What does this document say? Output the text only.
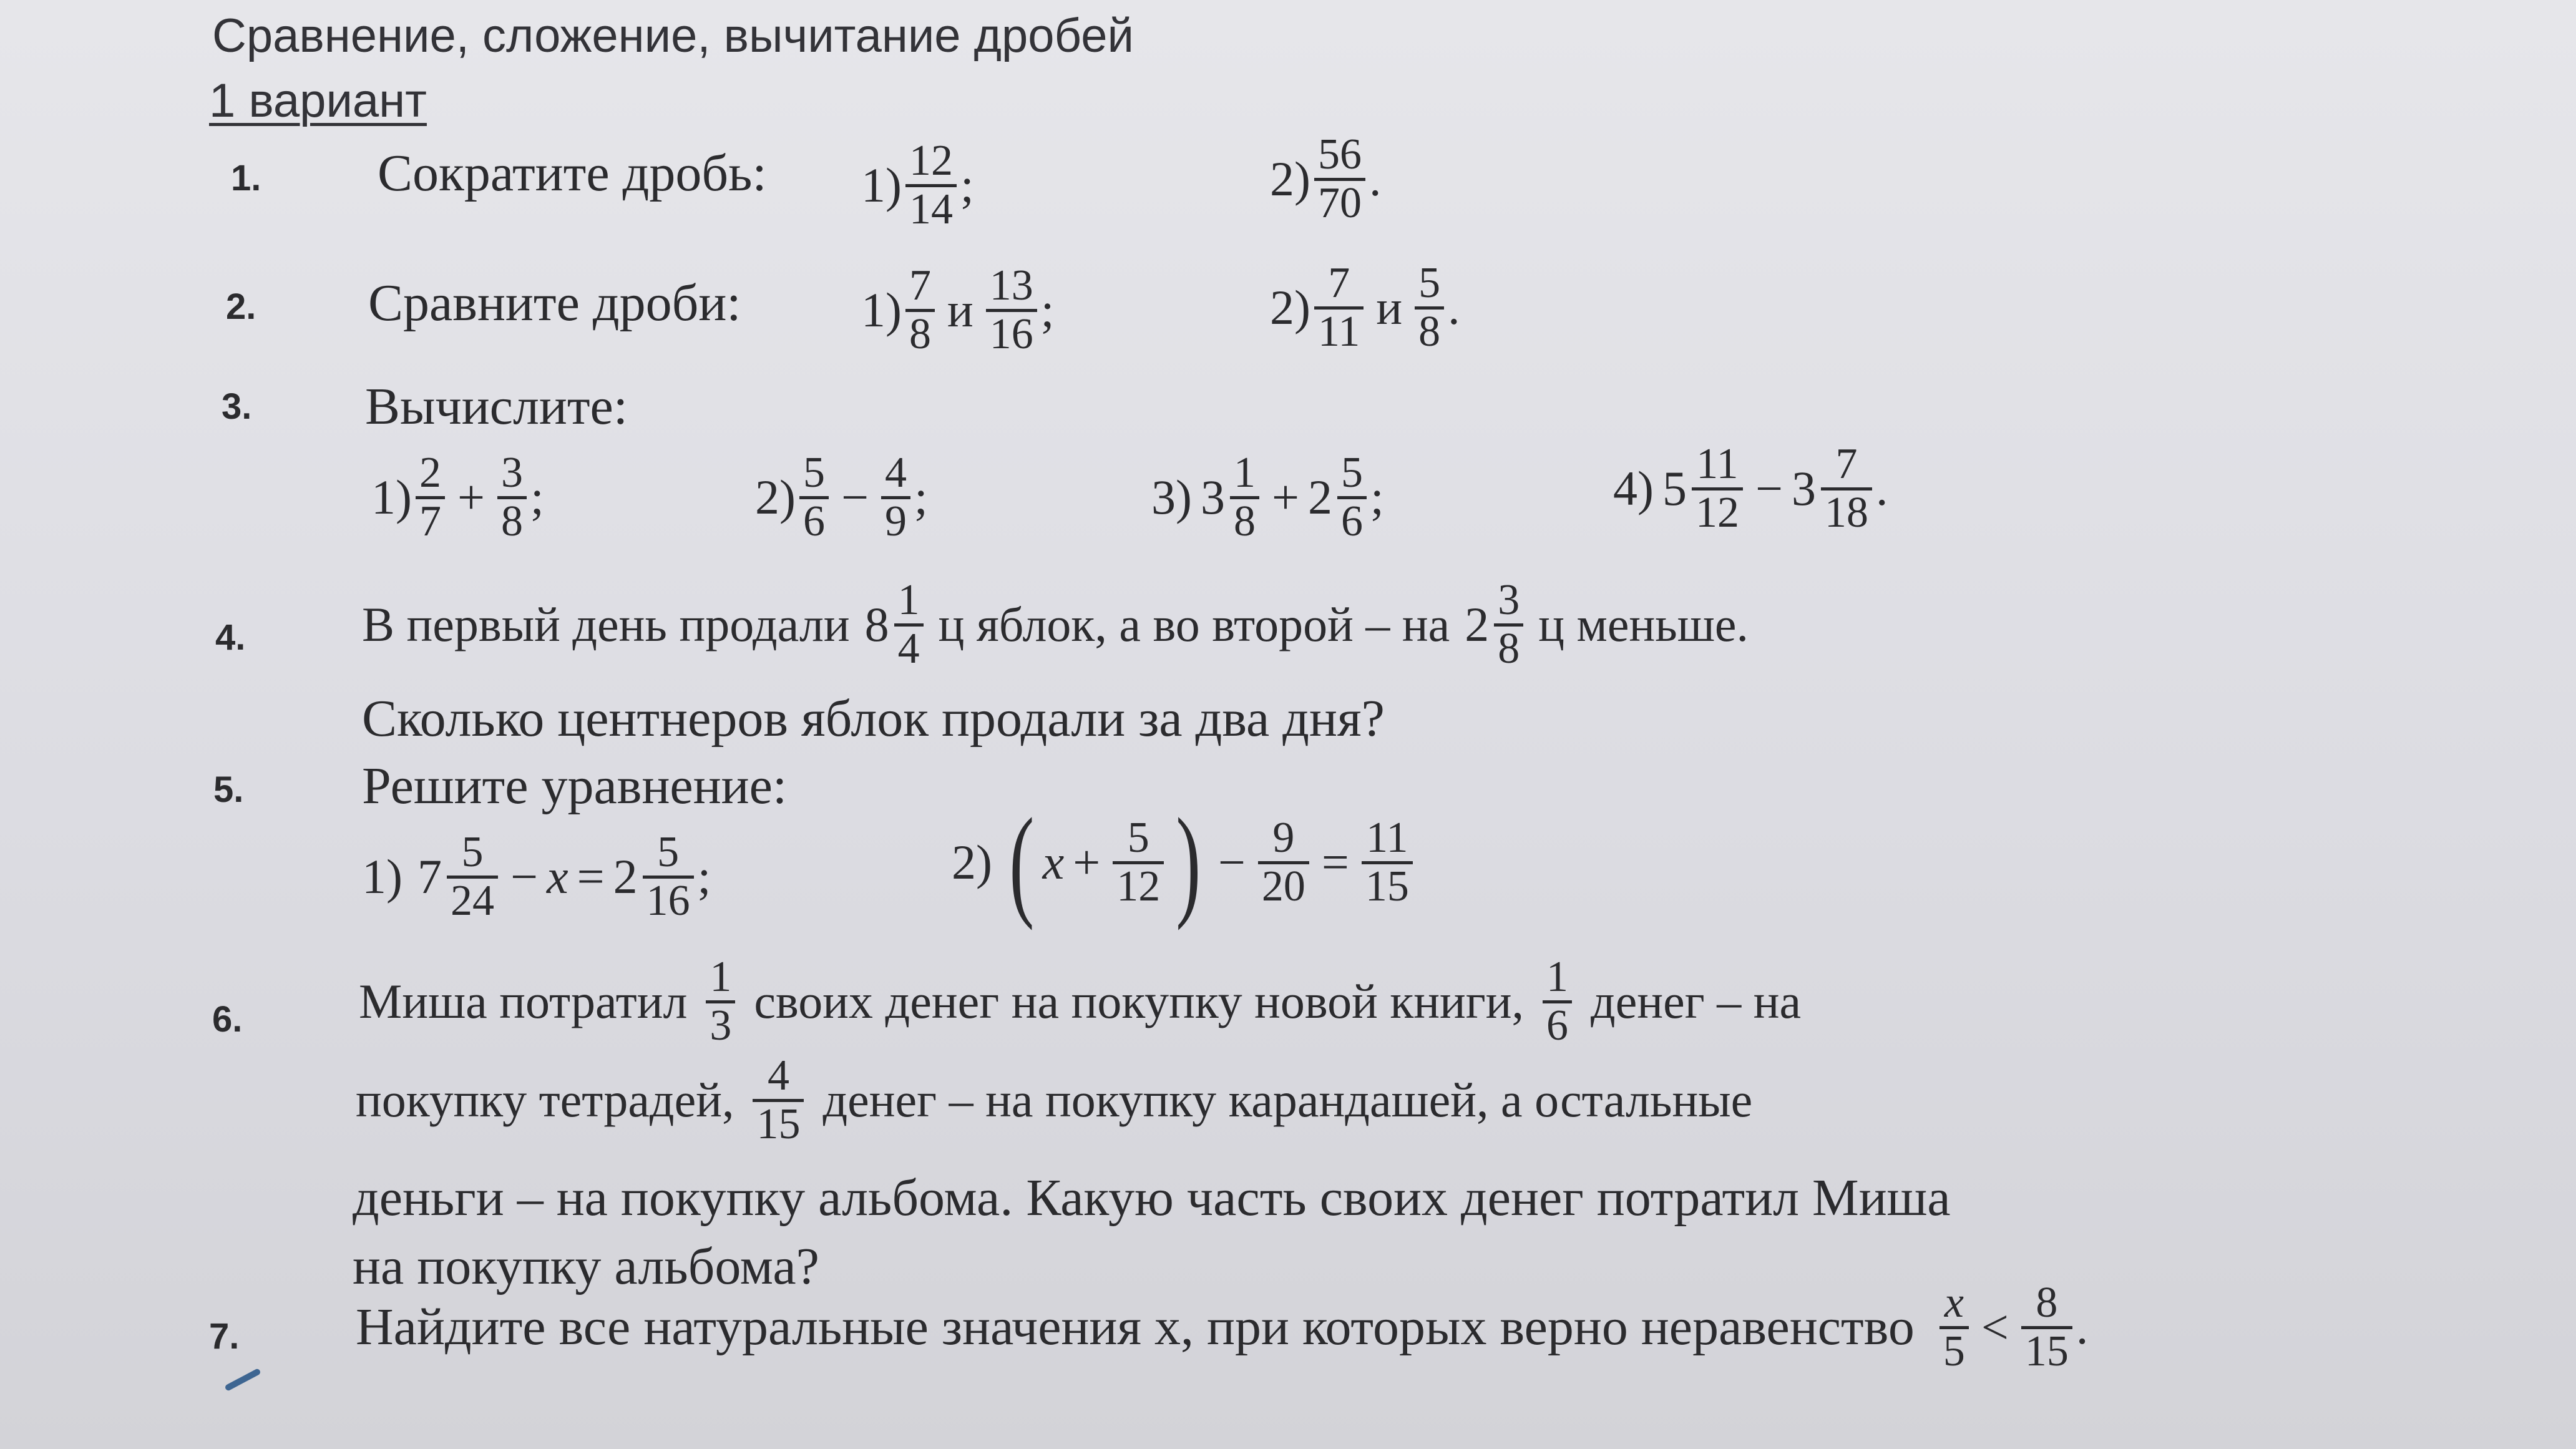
Сравнение, сложение, вычитание дробей
1 вариант
1. Сократите дробь: 1) 12
14 ;	2) 56
70 .
2. Сравните дроби: 1) 7
8 и 13
16 ;	2) 7
11 и 5
8 .
3. Вычислите:
1) 2
7 + 3
8 ;	2) 5
6 − 4
9 ;	3) 3 1
8 + 2 5
6 ;	4) 5 11
12 − 3 7
18 .
4. В первый день продали 8 1
4 ц яблок, а во второй – на 2 3
8 ц меньше.
Сколько центнеров яблок продали за два дня?
5. Решите уравнение:
1) 7 5
24 − x = 2 5
16 ;	2) ( x + 5
12 ) − 9
20 = 11
15
6. Миша потратил 1
3 своих денег на покупку новой книги, 1
6 денег – на
покупку тетрадей, 4
15 денег – на покупку карандашей, а остальные
деньги – на покупку альбома. Какую часть своих денег потратил Миша
на покупку альбома?
7. Найдите все натуральные значения x, при которых верно неравенство x
5 < 8
15 .
